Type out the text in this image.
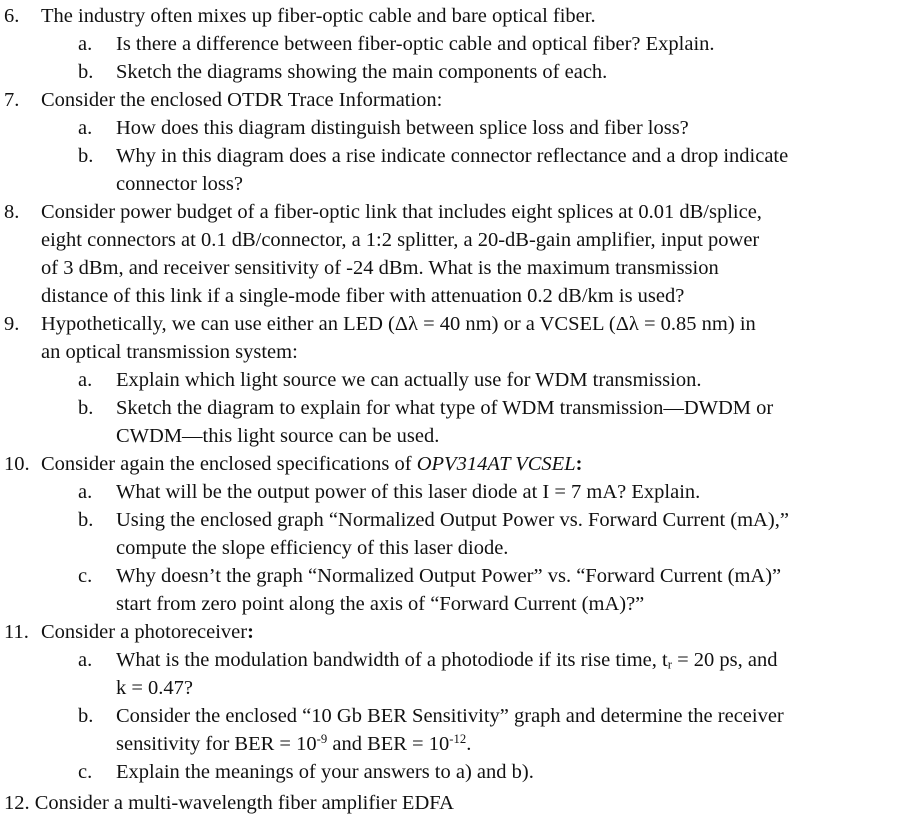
6. The industry often mixes up fiber-optic cable and bare optical fiber.
a. Is there a difference between fiber-optic cable and optical fiber? Explain.
b. Sketch the diagrams showing the main components of each.
7. Consider the enclosed OTDR Trace Information:
a. How does this diagram distinguish between splice loss and fiber loss?
b. Why in this diagram does a rise indicate connector reflectance and a drop indicate
connector loss?
8. Consider power budget of a fiber-optic link that includes eight splices at 0.01 dB/splice,
eight connectors at 0.1 dB/connector, a 1:2 splitter, a 20-dB-gain amplifier, input power
of 3 dBm, and receiver sensitivity of -24 dBm. What is the maximum transmission
distance of this link if a single-mode fiber with attenuation 0.2 dB/km is used?
9. Hypothetically, we can use either an LED (Δλ = 40 nm) or a VCSEL (Δλ = 0.85 nm) in
an optical transmission system:
a. Explain which light source we can actually use for WDM transmission.
b. Sketch the diagram to explain for what type of WDM transmission—DWDM or
CWDM—this light source can be used.
10. Consider again the enclosed specifications of OPV314AT VCSEL:
a. What will be the output power of this laser diode at I = 7 mA? Explain.
b. Using the enclosed graph “Normalized Output Power vs. Forward Current (mA),”
compute the slope efficiency of this laser diode.
c. Why doesn’t the graph “Normalized Output Power” vs. “Forward Current (mA)”
start from zero point along the axis of “Forward Current (mA)?”
11. Consider a photoreceiver:
a. What is the modulation bandwidth of a photodiode if its rise time, $t_r = 20$ ps, and
k = 0.47?
b. Consider the enclosed “10 Gb BER Sensitivity” graph and determine the receiver
sensitivity for BER = $10^{-9}$ and BER = $10^{-12}$.
c. Explain the meanings of your answers to a) and b).
12. Consider a multi-wavelength fiber amplifier EDFA
